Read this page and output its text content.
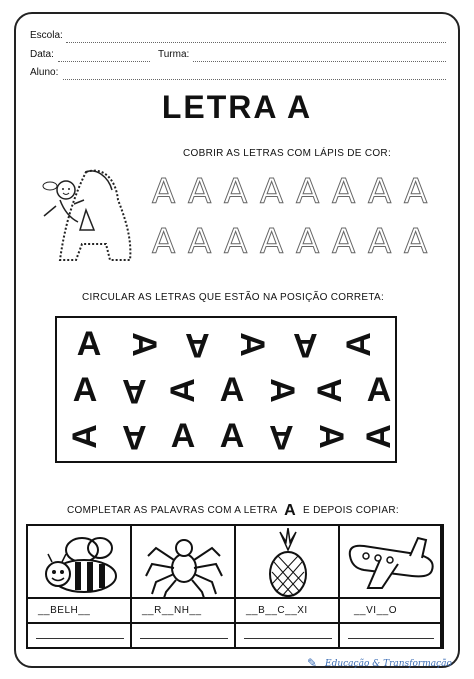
Escola:
Data:	Turma:
Aluno:
LETRA A
COBRIR AS LETRAS COM LÁPIS DE COR:
A A A A A A A A
A A A A A A A A
CIRCULAR AS LETRAS QUE ESTÃO NA POSIÇÃO CORRETA:
A A A A A A
A A A A A A A
A A A A A A A
COMPLETAR AS PALAVRAS COM A LETRA A E DEPOIS COPIAR:
__BELH__	__R__NH__	__B__C__XI	__VI__O
✎ Educação & Transformação
